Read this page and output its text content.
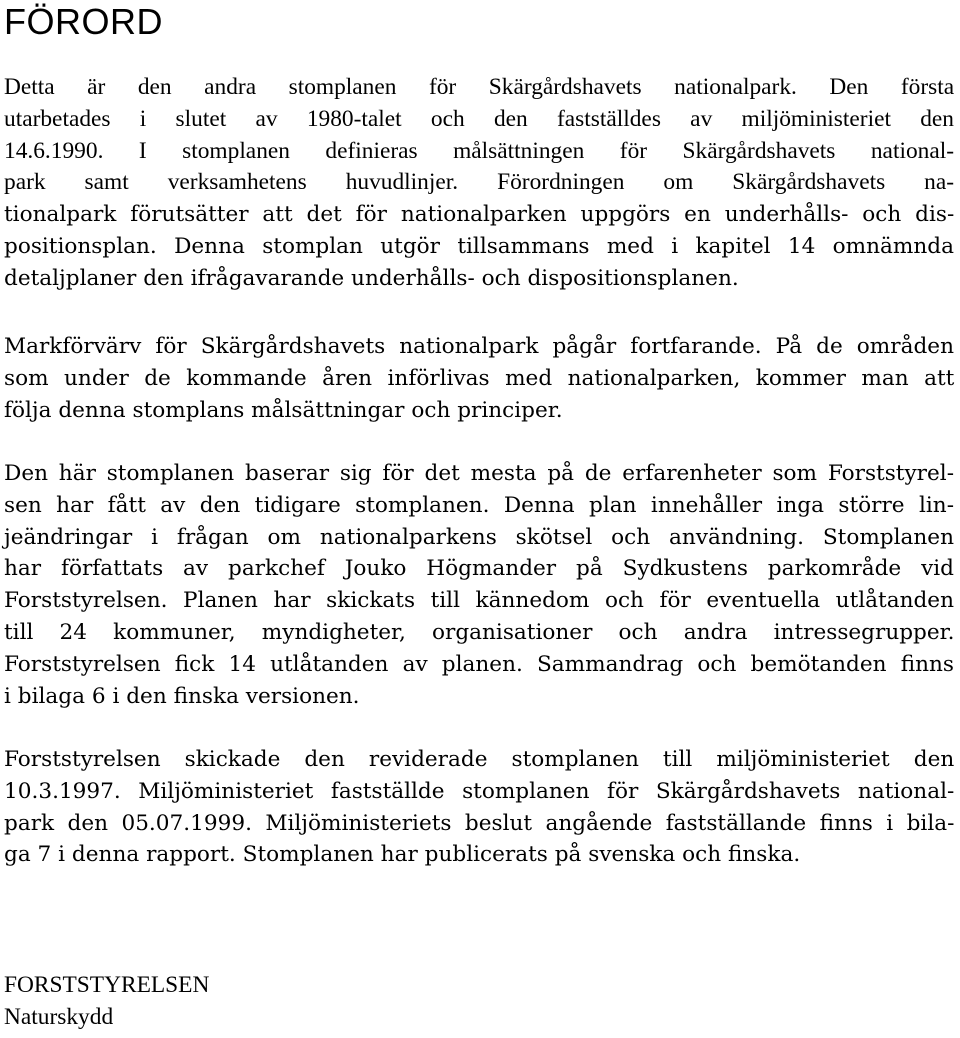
FÖRORD
Detta är den andra stomplanen för Skärgårdshavets nationalpark. Den första
utarbetades i slutet av 1980-talet och den fastställdes av miljöministeriet den
14.6.1990. I stomplanen definieras målsättningen för Skärgårdshavets national-
park samt verksamhetens huvudlinjer. Förordningen om Skärgårdshavets na-
tionalpark förutsätter att det för nationalparken uppgörs en underhålls- och dis-
positionsplan. Denna stomplan utgör tillsammans med i kapitel 14 omnämnda
detaljplaner den ifrågavarande underhålls- och dispositionsplanen.
Markförvärv för Skärgårdshavets nationalpark pågår fortfarande. På de områden
som under de kommande åren införlivas med nationalparken, kommer man att
följa denna stomplans målsättningar och principer.
Den här stomplanen baserar sig för det mesta på de erfarenheter som Forststyrel-
sen har fått av den tidigare stomplanen. Denna plan innehåller inga större lin-
jeändringar i frågan om nationalparkens skötsel och användning. Stomplanen
har författats av parkchef Jouko Högmander på Sydkustens parkområde vid
Forststyrelsen. Planen har skickats till kännedom och för eventuella utlåtanden
till 24 kommuner, myndigheter, organisationer och andra intressegrupper.
Forststyrelsen fick 14 utlåtanden av planen. Sammandrag och bemötanden finns
i bilaga 6 i den finska versionen.
Forststyrelsen skickade den reviderade stomplanen till miljöministeriet den
10.3.1997. Miljöministeriet fastställde stomplanen för Skärgårdshavets national-
park den 05.07.1999. Miljöministeriets beslut angående fastställande finns i bila-
ga 7 i denna rapport. Stomplanen har publicerats på svenska och finska.
FORSTSTYRELSEN
Naturskydd
